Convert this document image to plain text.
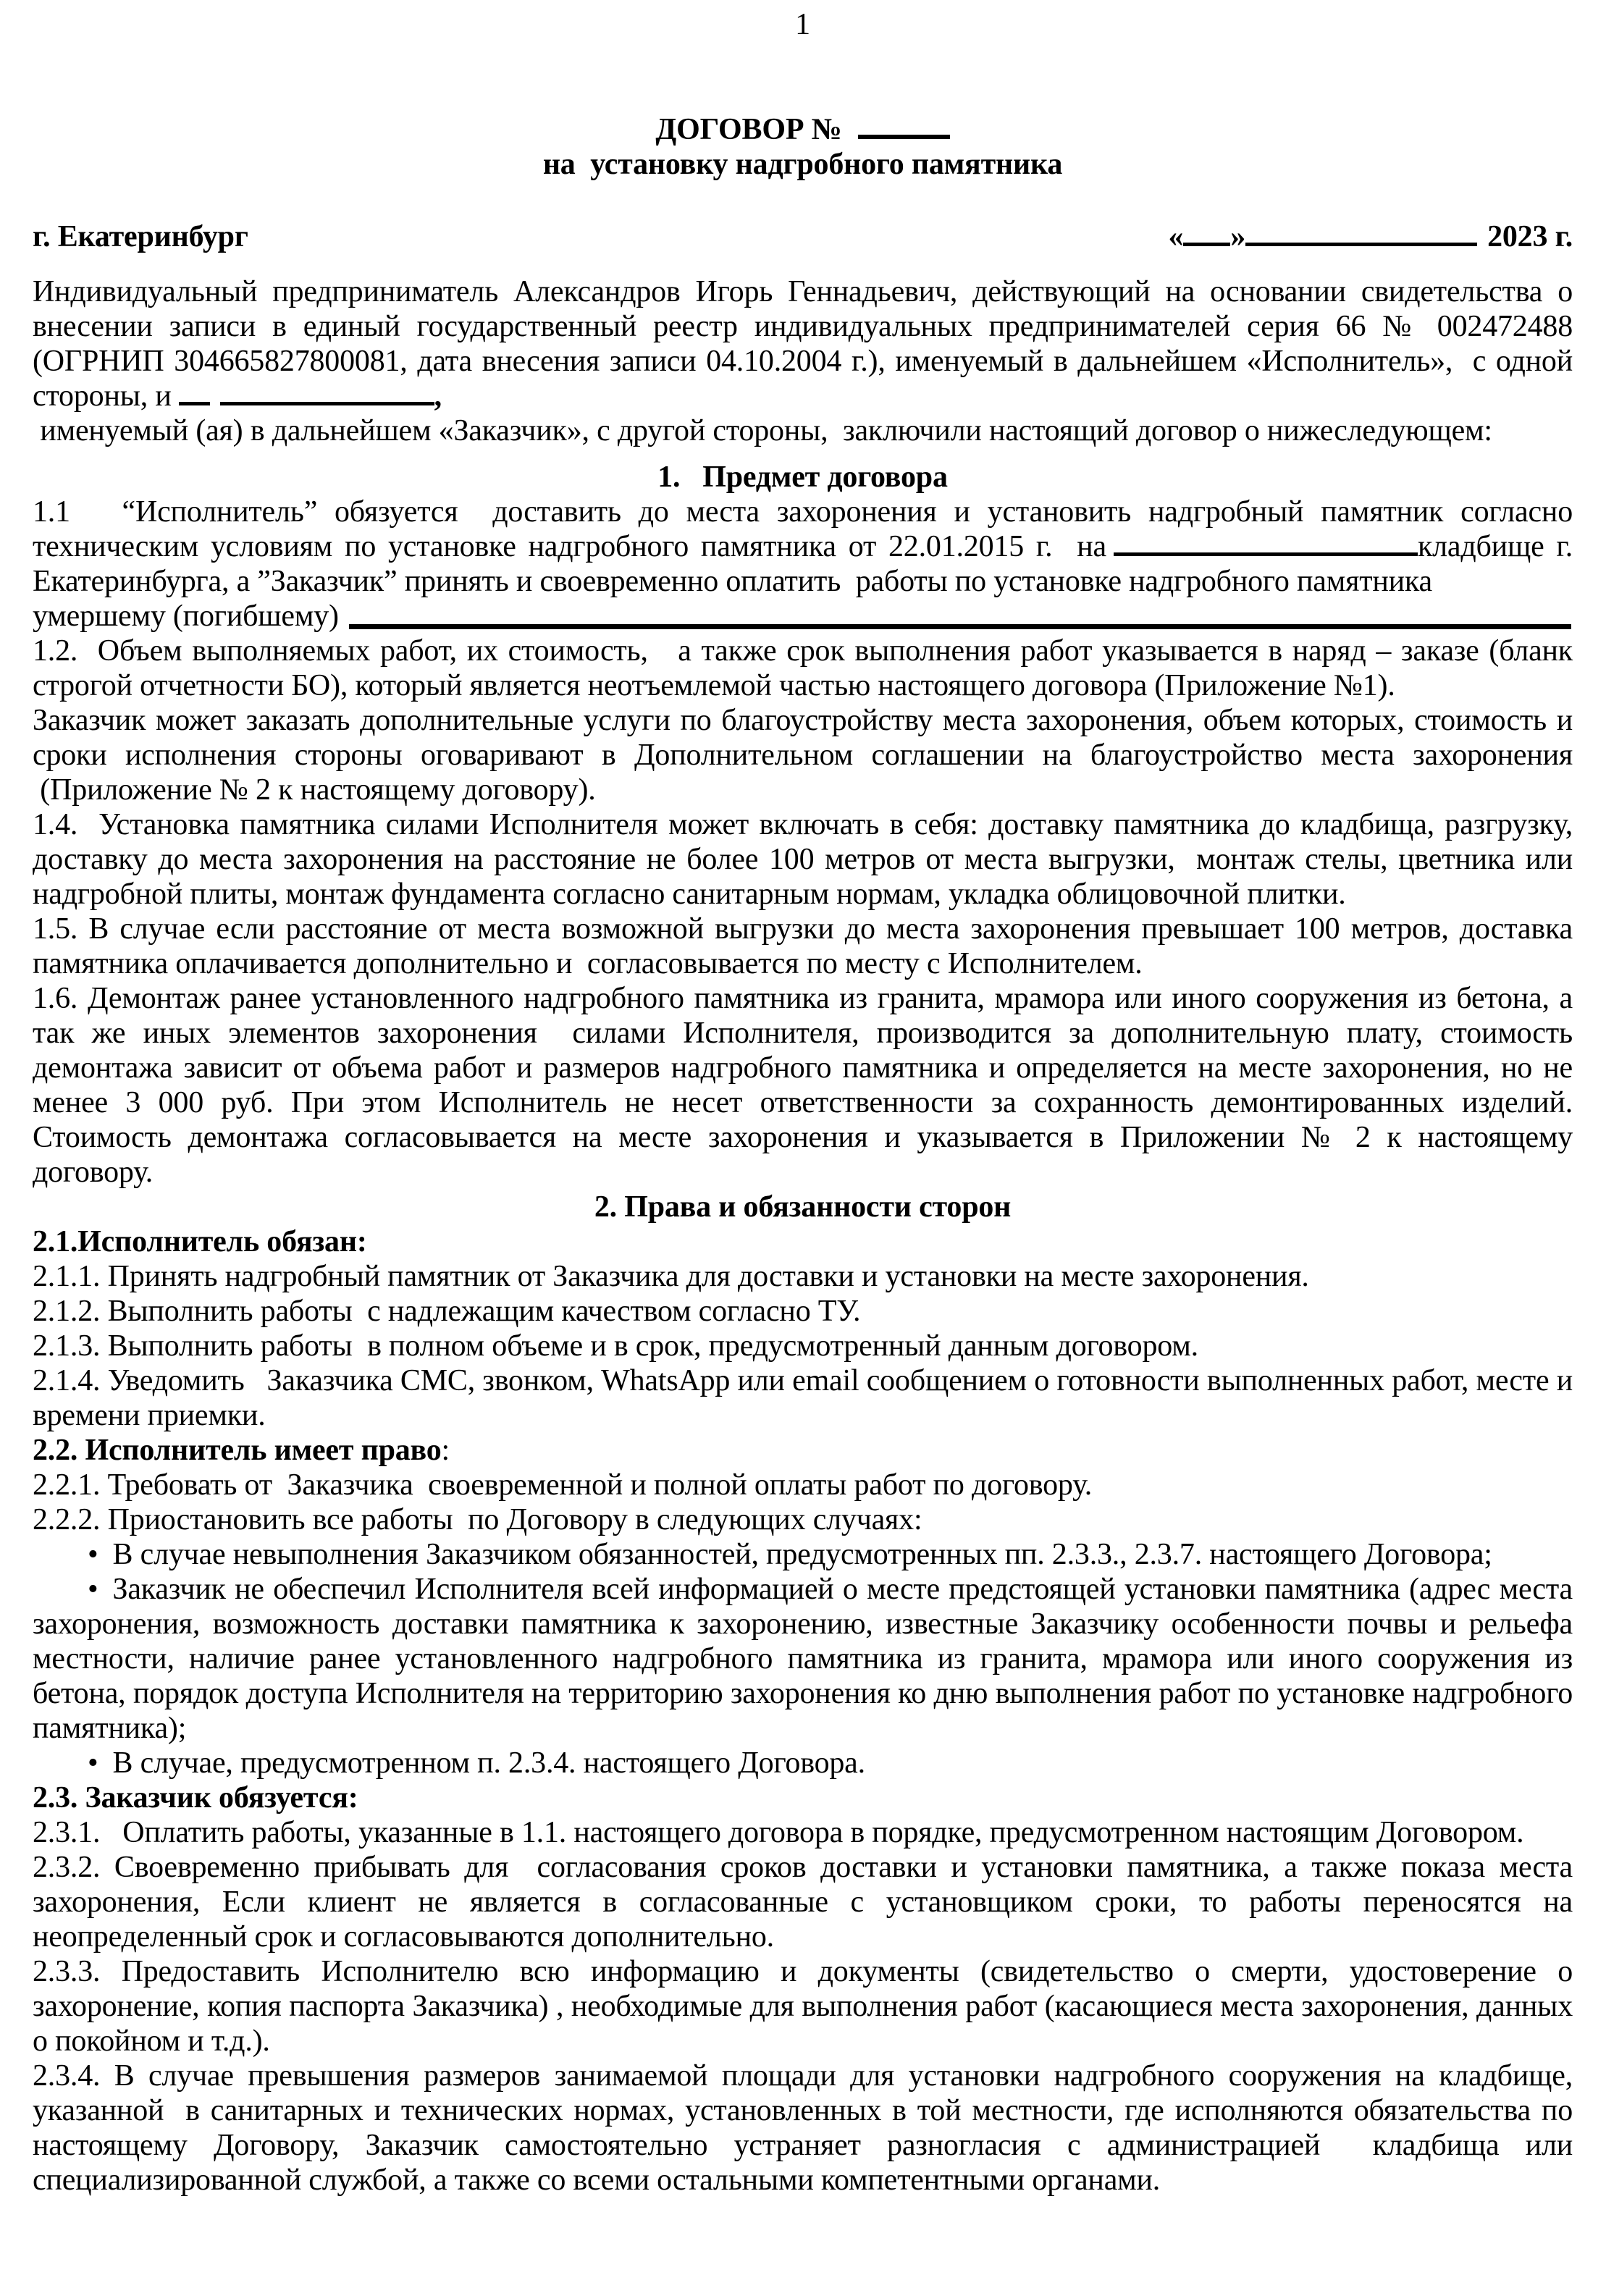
1
ДОГОВОР №
на  установку надгробного памятника
г. Екатеринбург	« »	2023 г.

Индивидуальный предприниматель Александров Игорь Геннадьевич, действующий на основании свидетельства о внесении записи в единый государственный реестр индивидуальных предпринимателей серия 66 № 002472488 (ОГРНИП 304665827800081, дата внесения записи 04.10.2004 г.), именуемый в дальнейшем «Исполнитель»,  с одной стороны, и	,

именуемый (ая) в дальнейшем «Заказчик», с другой стороны,  заключили настоящий договор о нижеследующем:

1.   Предмет договора

1.1   “Исполнитель” обязуется  доставить до места захоронения и установить надгробный памятник согласно техническим условиям по установке надгробного памятника от 22.01.2015 г.  на	кладбище г. Екатеринбурга, а ”Заказчик” принять и своевременно оплатить  работы по установке надгробного памятника

умершему (погибшему)

1.2.  Объем выполняемых работ, их стоимость,   а также срок выполнения работ указывается в наряд – заказе (бланк строгой отчетности БО), который является неотъемлемой частью настоящего договора (Приложение №1).

Заказчик может заказать дополнительные услуги по благоустройству места захоронения, объем которых, стоимость и сроки исполнения стороны оговаривают в Дополнительном соглашении на благоустройство места захоронения  (Приложение № 2 к настоящему договору).

1.4.  Установка памятника силами Исполнителя может включать в себя: доставку памятника до кладбища, разгрузку, доставку до места захоронения на расстояние не более 100 метров от места выгрузки,  монтаж стелы, цветника или надгробной плиты, монтаж фундамента согласно санитарным нормам, укладка облицовочной плитки.

1.5. В случае если расстояние от места возможной выгрузки до места захоронения превышает 100 метров, доставка памятника оплачивается дополнительно и  согласовывается по месту с Исполнителем.

1.6. Демонтаж ранее установленного надгробного памятника из гранита, мрамора или иного сооружения из бетона, а так же иных элементов захоронения  силами Исполнителя, производится за дополнительную плату, стоимость демонтажа зависит от объема работ и размеров надгробного памятника и определяется на месте захоронения, но не менее 3 000 руб. При этом Исполнитель не несет ответственности за сохранность демонтированных изделий. Стоимость демонтажа согласовывается на месте захоронения и указывается в Приложении № 2 к настоящему договору.

2. Права и обязанности сторон

2.1.Исполнитель обязан:

2.1.1. Принять надгробный памятник от Заказчика для доставки и установки на месте захоронения.

2.1.2. Выполнить работы  с надлежащим качеством согласно ТУ.

2.1.3. Выполнить работы  в полном объеме и в срок, предусмотренный данным договором.

2.1.4. Уведомить   Заказчика СМС, звонком, WhatsApp или email сообщением о готовности выполненных работ, месте и времени приемки.

2.2. Исполнитель имеет право:

2.2.1. Требовать от  Заказчика  своевременной и полной оплаты работ по договору.

2.2.2. Приостановить все работы  по Договору в следующих случаях:

• В случае невыполнения Заказчиком обязанностей, предусмотренных пп. 2.3.3., 2.3.7. настоящего Договора;

• Заказчик не обеспечил Исполнителя всей информацией о месте предстоящей установки памятника (адрес места захоронения, возможность доставки памятника к захоронению, известные Заказчику особенности почвы и рельефа местности, наличие ранее установленного надгробного памятника из гранита, мрамора или иного сооружения из бетона, порядок доступа Исполнителя на территорию захоронения ко дню выполнения работ по установке надгробного памятника);

• В случае, предусмотренном п. 2.3.4. настоящего Договора.

2.3. Заказчик обязуется:

2.3.1.   Оплатить работы, указанные в 1.1. настоящего договора в порядке, предусмотренном настоящим Договором.

2.3.2. Своевременно прибывать для  согласования сроков доставки и установки памятника, а также показа места захоронения, Если клиент не является в согласованные с установщиком сроки, то работы переносятся на неопределенный срок и согласовываются дополнительно.

2.3.3. Предоставить Исполнителю всю информацию и документы (свидетельство о смерти, удостоверение о захоронение, копия паспорта Заказчика) , необходимые для выполнения работ (касающиеся места захоронения, данных о покойном и т.д.).

2.3.4. В случае превышения размеров занимаемой площади для установки надгробного сооружения на кладбище, указанной  в санитарных и технических нормах, установленных в той местности, где исполняются обязательства по настоящему Договору, Заказчик самостоятельно устраняет разногласия с администрацией  кладбища или специализированной службой, а также со всеми остальными компетентными органами.
